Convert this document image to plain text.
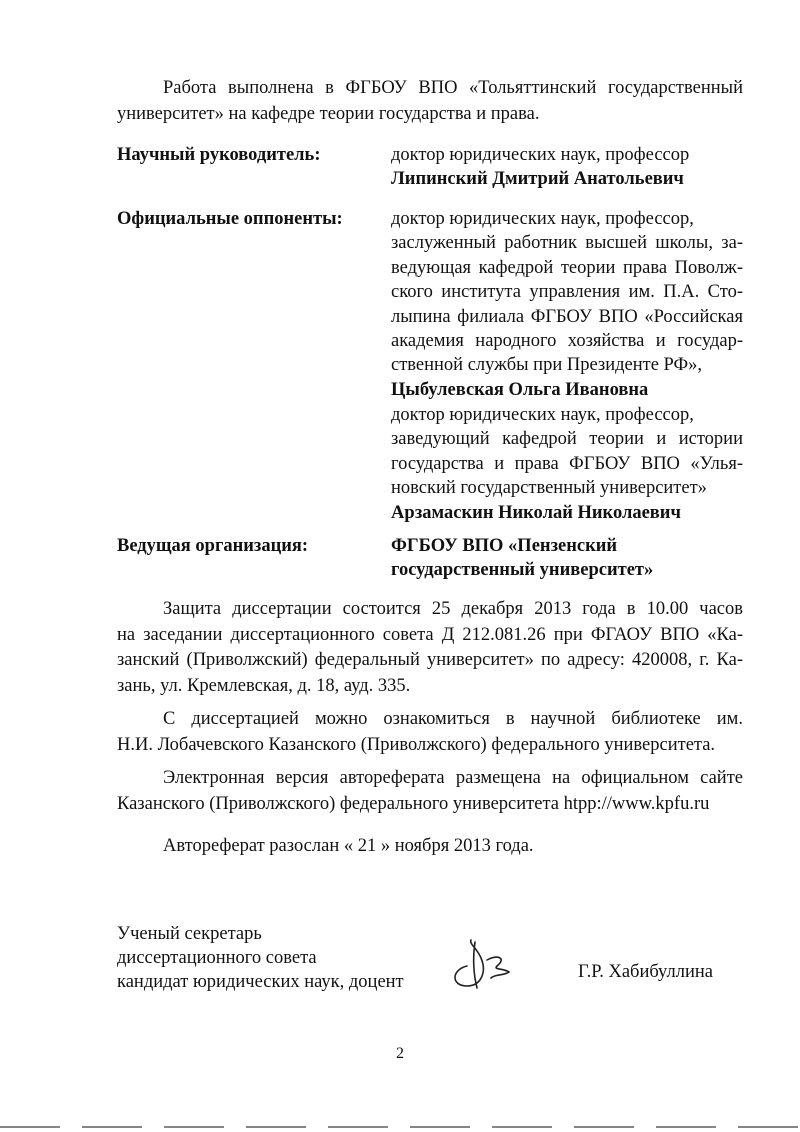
Работа выполнена в ФГБОУ ВПО «Тольяттинский государственный
университет» на кафедре теории государства и права.

Научный руководитель:	доктор юридических наук, профессор
Липинский Дмитрий Анатольевич
Официальные оппоненты:	доктор юридических наук, профессор,
заслуженный работник высшей школы, за-
ведующая кафедрой теории права Поволж-
ского института управления им. П.А. Сто-
лыпина филиала ФГБОУ ВПО «Российская
академия народного хозяйства и государ-
ственной службы при Президенте РФ»,
Цыбулевская Ольга Ивановна
доктор юридических наук, профессор,
заведующий кафедрой теории и истории
государства и права ФГБОУ ВПО «Улья-
новский государственный университет»
Арзамаскин Николай Николаевич
Ведущая организация:	ФГБОУ ВПО «Пензенский
государственный университет»

Защита диссертации состоится 25 декабря 2013 года в 10.00 часов
на заседании диссертационного совета Д 212.081.26 при ФГАОУ ВПО «Ка-
занский (Приволжский) федеральный университет» по адресу: 420008, г. Ка-
зань, ул. Кремлевская, д. 18, ауд. 335.

С диссертацией можно ознакомиться в научной библиотеке им.
Н.И. Лобачевского Казанского (Приволжского) федерального университета.

Электронная версия автореферата размещена на официальном сайте
Казанского (Приволжского) федерального университета htpp://www.kpfu.ru

Автореферат разослан « 21 » ноября 2013 года.

Ученый секретарь
диссертационного совета
кандидат юридических наук, доцент	Г.Р. Хабибуллина
2
